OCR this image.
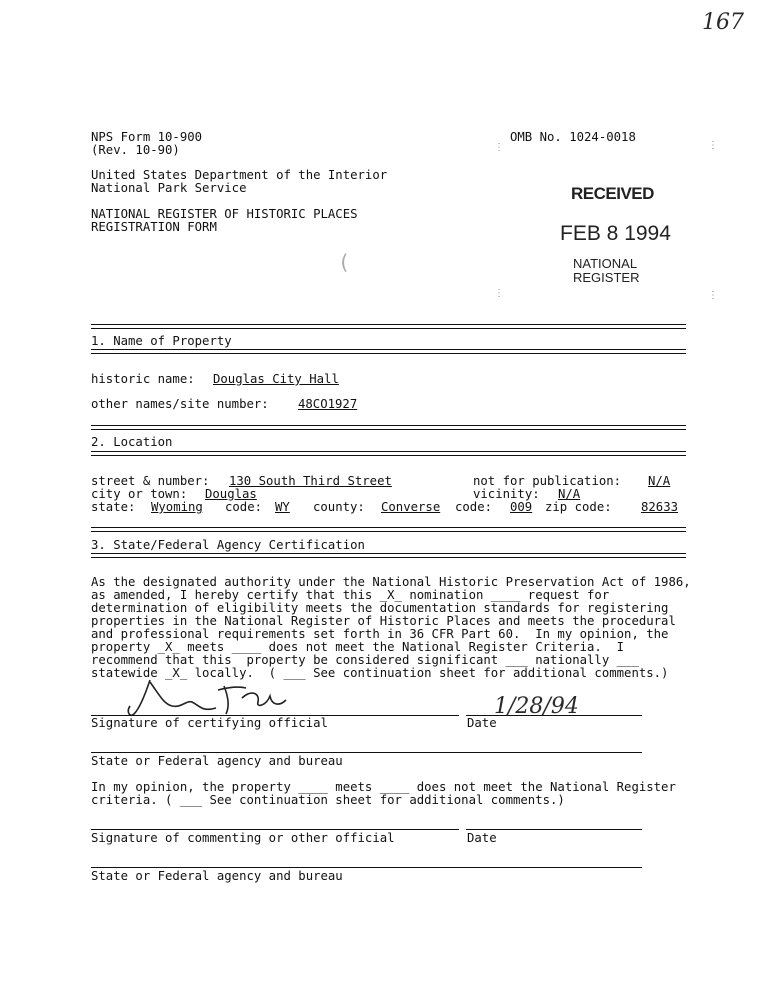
167
NPS Form 10-900
(Rev. 10-90)
OMB No. 1024-0018
United States Department of the Interior
National Park Service
NATIONAL REGISTER OF HISTORIC PLACES
REGISTRATION FORM
RECEIVED
FEB 8 1994
NATIONAL
REGISTER
⋮	⋮
⋮	⋮
(
1. Name of Property
historic name: Douglas City Hall
other names/site number: 48CO1927
2. Location
street & number: 130 South Third Street	not for publication: N/A
city or town: Douglas	vicinity: N/A
state: Wyoming code: WY county: Converse code: 009 zip code: 82633
3. State/Federal Agency Certification
As the designated authority under the National Historic Preservation Act of 1986,
as amended, I hereby certify that this _X_ nomination ____ request for
determination of eligibility meets the documentation standards for registering
properties in the National Register of Historic Places and meets the procedural
and professional requirements set forth in 36 CFR Part 60.  In my opinion, the
property _X_ meets ____ does not meet the National Register Criteria.  I
recommend that this  property be considered significant ___ nationally ___
statewide _X_ locally.  ( ___ See continuation sheet for additional comments.)
Signature of certifying official	Date
1/28/94
State or Federal agency and bureau
In my opinion, the property ____ meets ____ does not meet the National Register
criteria. ( ___ See continuation sheet for additional comments.)
Signature of commenting or other official	Date
State or Federal agency and bureau
